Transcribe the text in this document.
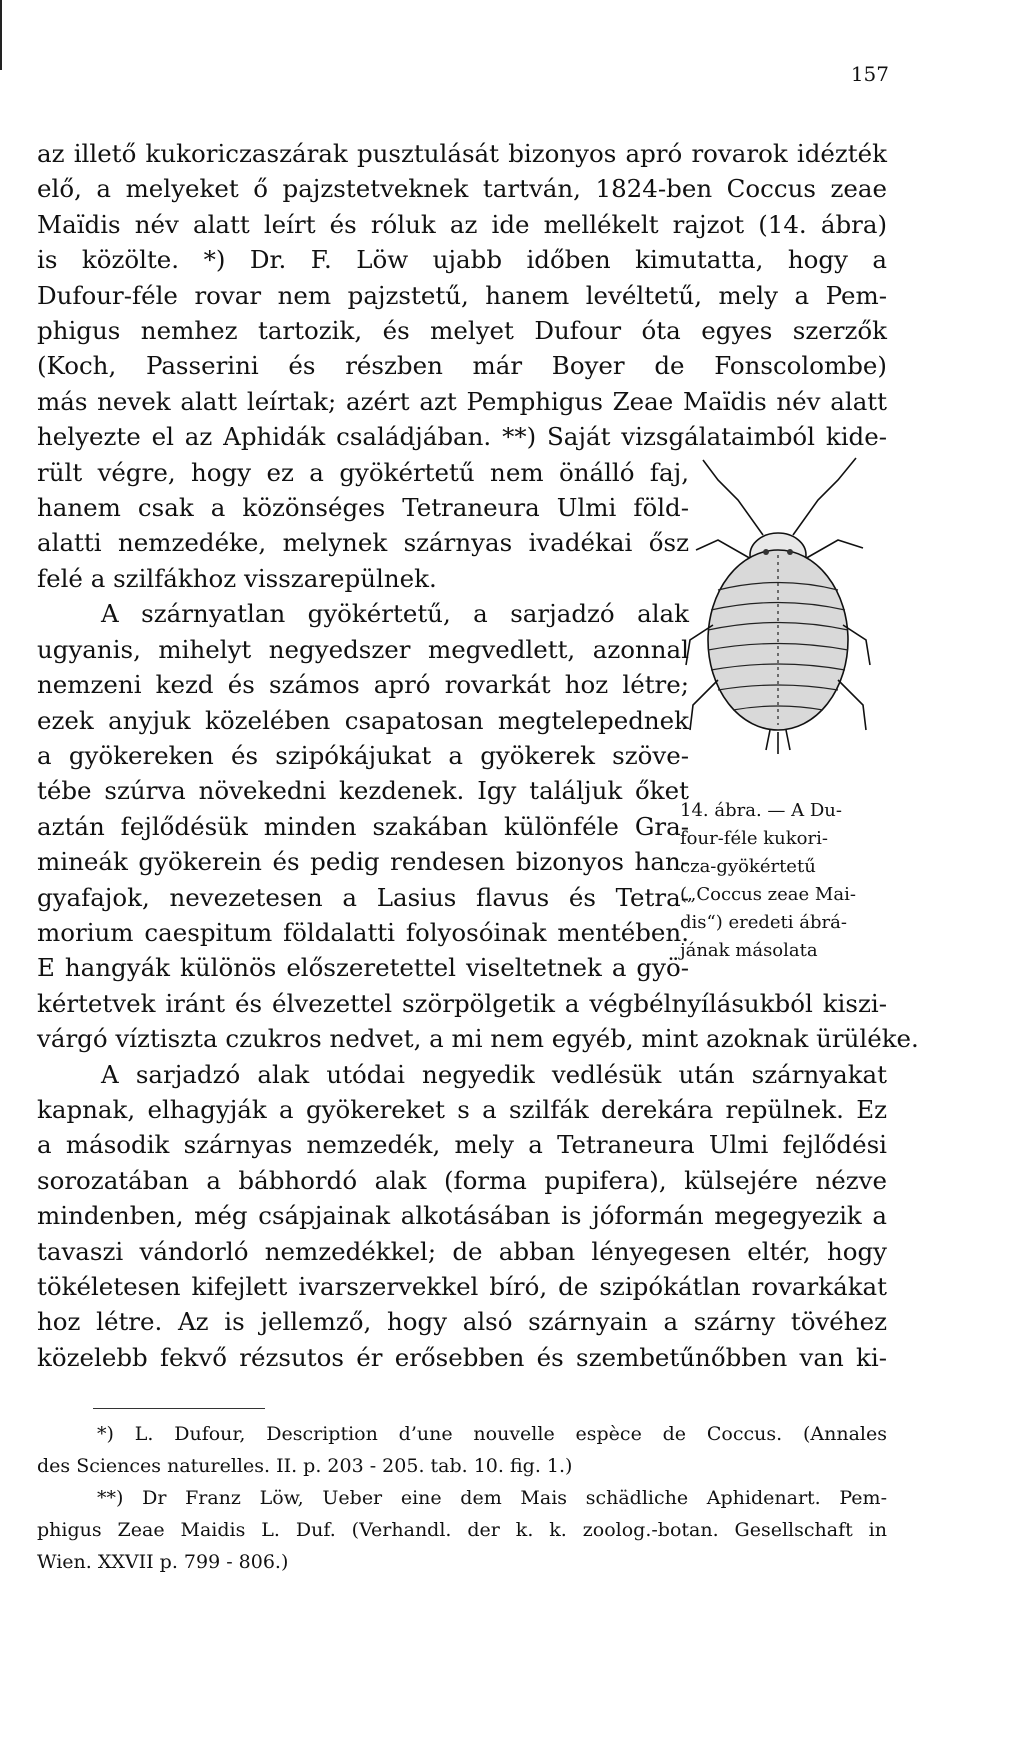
157
az illető kukoriczaszárak pusztulását bizonyos apró rovarok idézték
elő, a melyeket ő pajzstetveknek tartván, 1824-ben Coccus zeae
Maïdis név alatt leírt és róluk az ide mellékelt rajzot (14. ábra)
is közölte. *) Dr. F. Löw ujabb időben kimutatta, hogy a
Dufour-féle rovar nem pajzstetű, hanem levéltetű, mely a Pem-
phigus nemhez tartozik, és melyet Dufour óta egyes szerzők
(Koch, Passerini és részben már Boyer de Fonscolombe)
más nevek alatt leírtak; azért azt Pemphigus Zeae Maïdis név alatt
helyezte el az Aphidák családjában. **) Saját vizsgálataimból kide-
rült végre, hogy ez a gyökértetű nem önálló faj,
hanem csak a közönséges Tetraneura Ulmi föld-
alatti nemzedéke, melynek szárnyas ivadékai ősz
felé a szilfákhoz visszarepülnek.
A szárnyatlan gyökértetű, a sarjadzó alak
ugyanis, mihelyt negyedszer megvedlett, azonnal
nemzeni kezd és számos apró rovarkát hoz létre;
ezek anyjuk közelében csapatosan megtelepednek
a gyökereken és szipókájukat a gyökerek szöve-
tébe szúrva növekedni kezdenek. Igy találjuk őket
aztán fejlődésük minden szakában különféle Gra-
mineák gyökerein és pedig rendesen bizonyos han-
gyafajok, nevezetesen a Lasius flavus és Tetra-
morium caespitum földalatti folyosóinak mentében.
E hangyák különös előszeretettel viseltetnek a gyö-
kértetvek iránt és élvezettel szörpölgetik a végbélnyílásukból kiszi-
várgó víztiszta czukros nedvet, a mi nem egyéb, mint azoknak ürüléke.
A sarjadzó alak utódai negyedik vedlésük után szárnyakat
kapnak, elhagyják a gyökereket s a szilfák derekára repülnek. Ez
a második szárnyas nemzedék, mely a Tetraneura Ulmi fejlődési
sorozatában a bábhordó alak (forma pupifera), külsejére nézve
mindenben, még csápjainak alkotásában is jóformán megegyezik a
tavaszi vándorló nemzedékkel; de abban lényegesen eltér, hogy
tökéletesen kifejlett ivarszervekkel bíró, de szipókátlan rovarkákat
hoz létre. Az is jellemző, hogy alsó szárnyain a szárny tövéhez
közelebb fekvő rézsutos ér erősebben és szembetűnőbben van ki-
14. ábra. — A Du-
four-féle kukori-
cza-gyökértetű
(„Coccus zeae Mai-
dis“) eredeti ábrá-
jának másolata
*) L. Dufour, Description d’une nouvelle espèce de Coccus. (Annales
des Sciences naturelles. II. p. 203 - 205. tab. 10. fig. 1.)
**) Dr Franz Löw, Ueber eine dem Mais schädliche Aphidenart. Pem-
phigus Zeae Maidis L. Duf. (Verhandl. der k. k. zoolog.-botan. Gesellschaft in
Wien. XXVII p. 799 - 806.)
